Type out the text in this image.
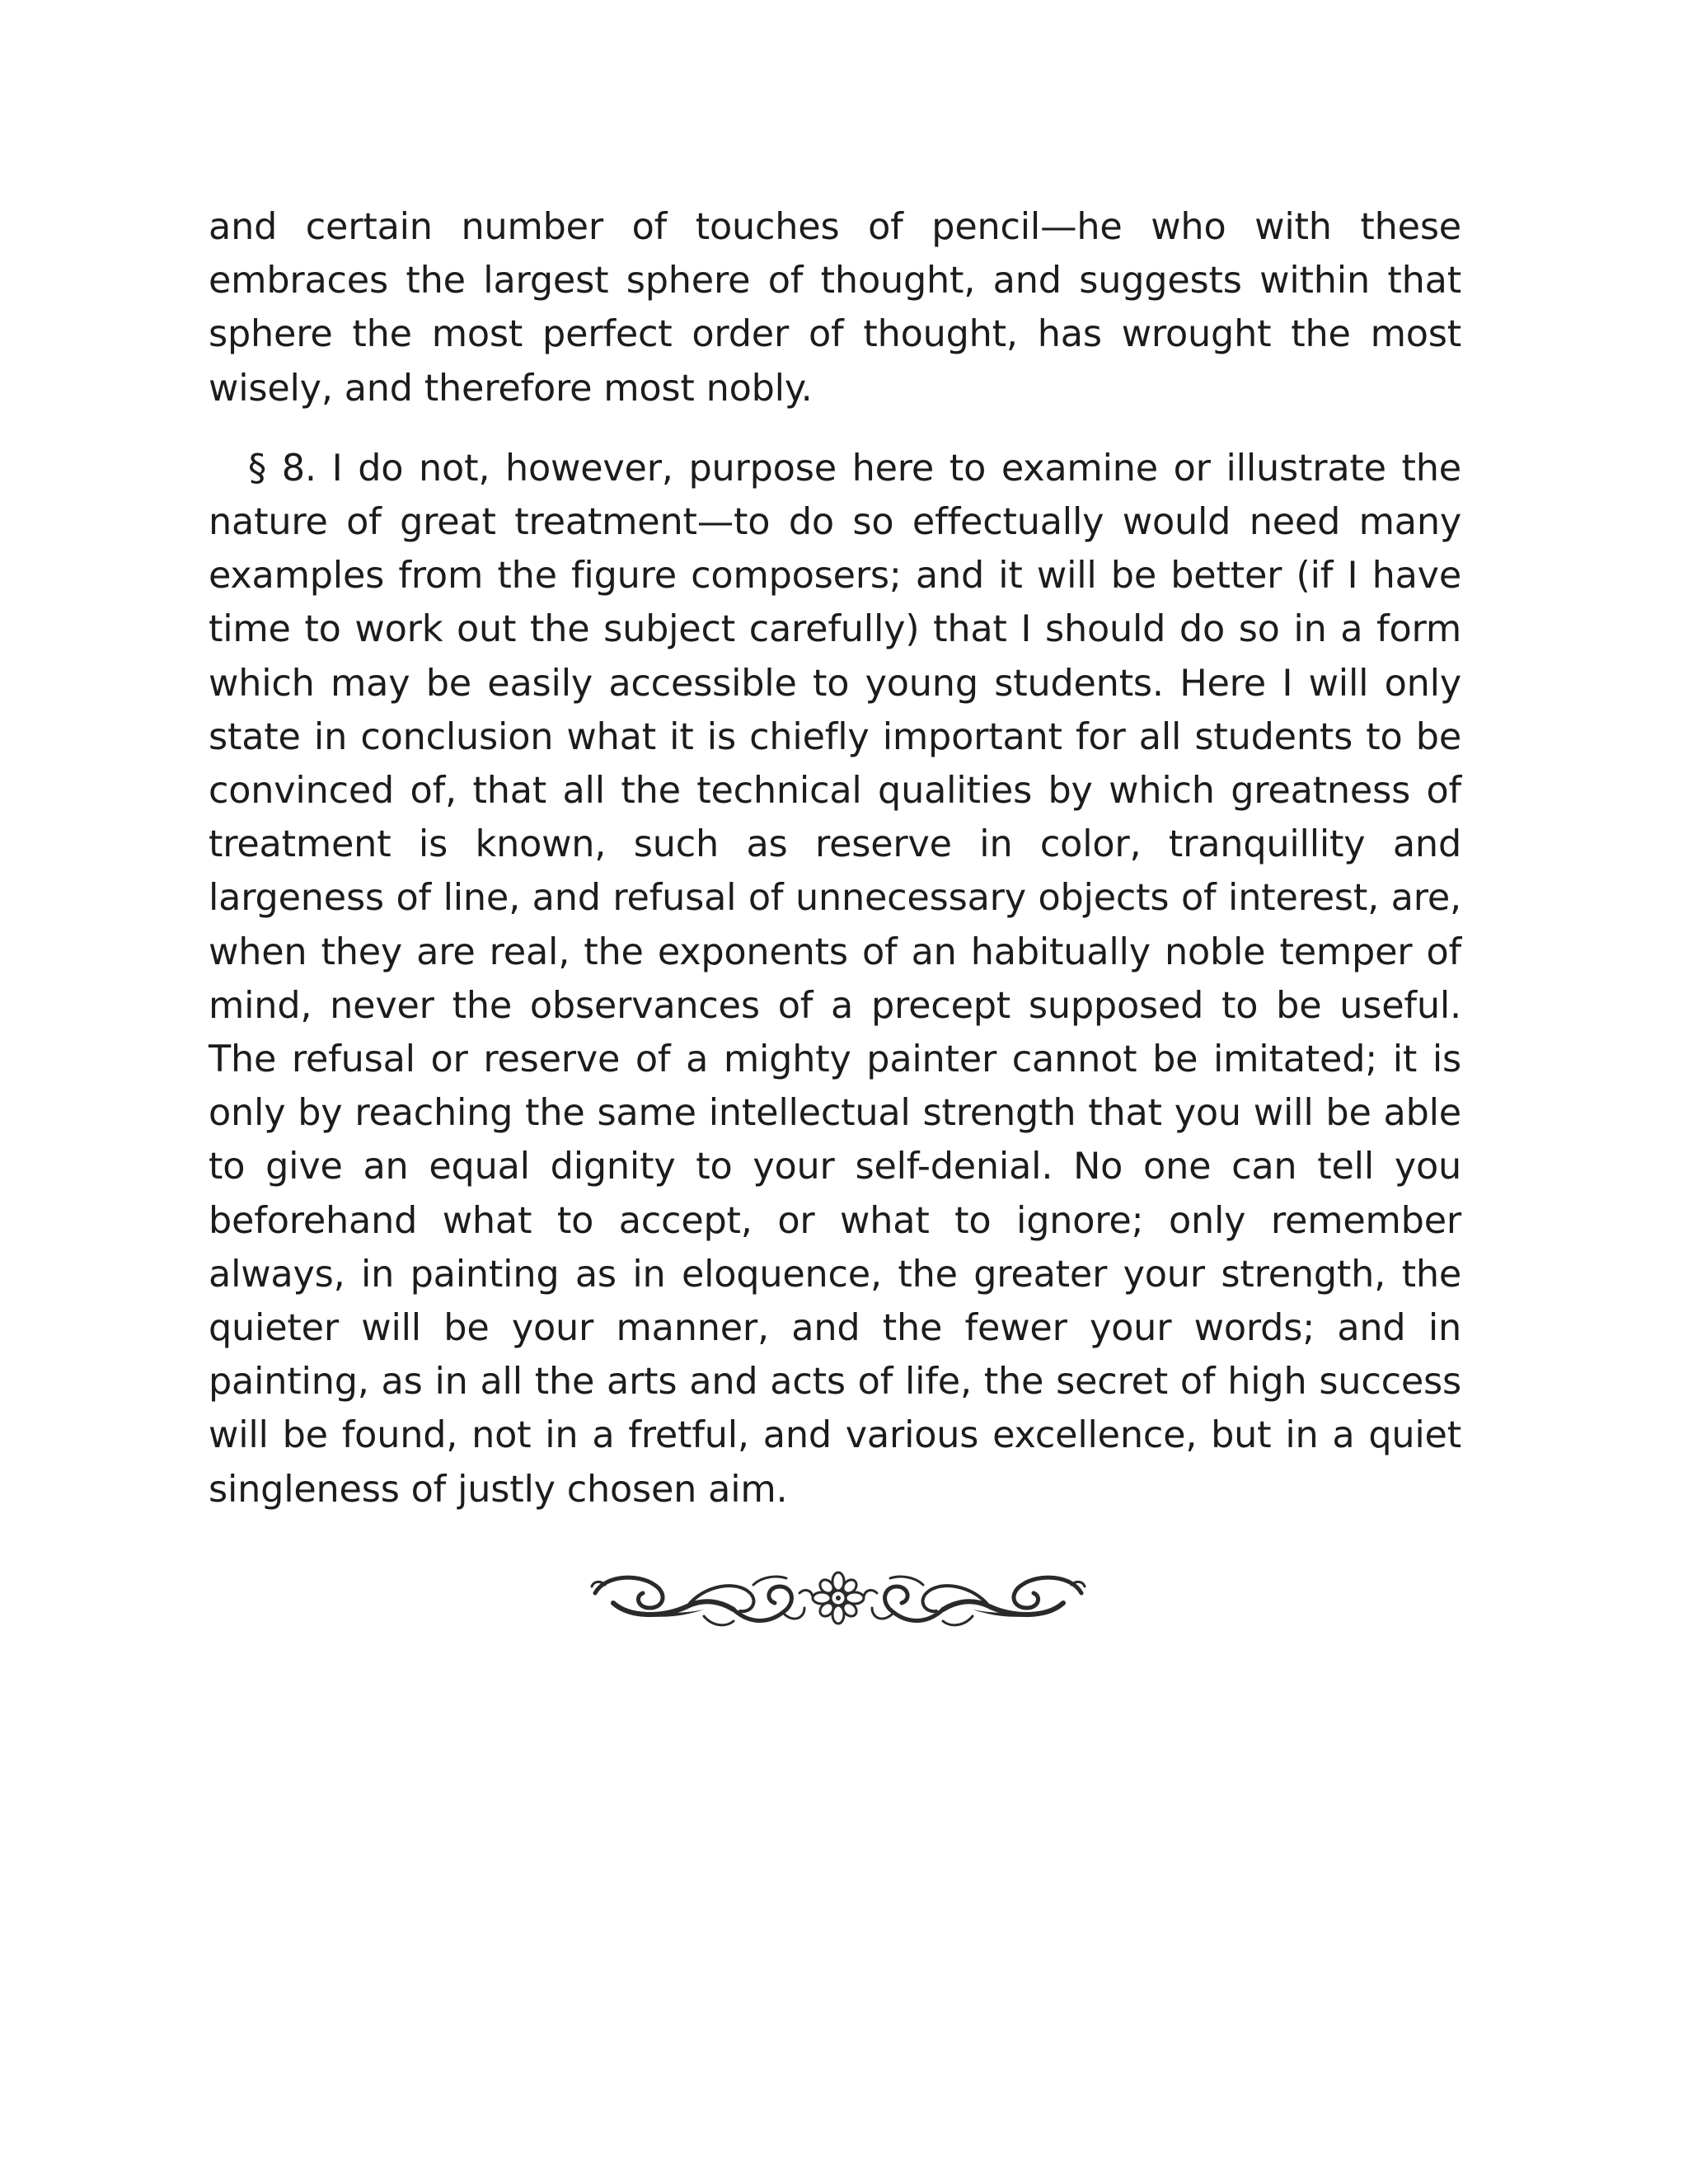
and certain number of touches of pencil—he who with these embraces the largest sphere of thought, and suggests within that sphere the most perfect order of thought, has wrought the most wisely, and therefore most nobly.

§ 8. I do not, however, purpose here to examine or illustrate the nature of great treatment—to do so effectually would need many examples from the figure composers; and it will be better (if I have time to work out the subject carefully) that I should do so in a form which may be easily accessible to young students. Here I will only state in conclusion what it is chiefly important for all students to be convinced of, that all the technical qualities by which greatness of treatment is known, such as reserve in color, tranquillity and largeness of line, and refusal of unnecessary objects of interest, are, when they are real, the exponents of an habitually noble temper of mind, never the observances of a precept supposed to be useful. The refusal or reserve of a mighty painter cannot be imitated; it is only by reaching the same intellectual strength that you will be able to give an equal dignity to your self-denial. No one can tell you beforehand what to accept, or what to ignore; only remember always, in painting as in eloquence, the greater your strength, the quieter will be your manner, and the fewer your words; and in painting, as in all the arts and acts of life, the secret of high success will be found, not in a fretful, and various excellence, but in a quiet singleness of justly chosen aim.
